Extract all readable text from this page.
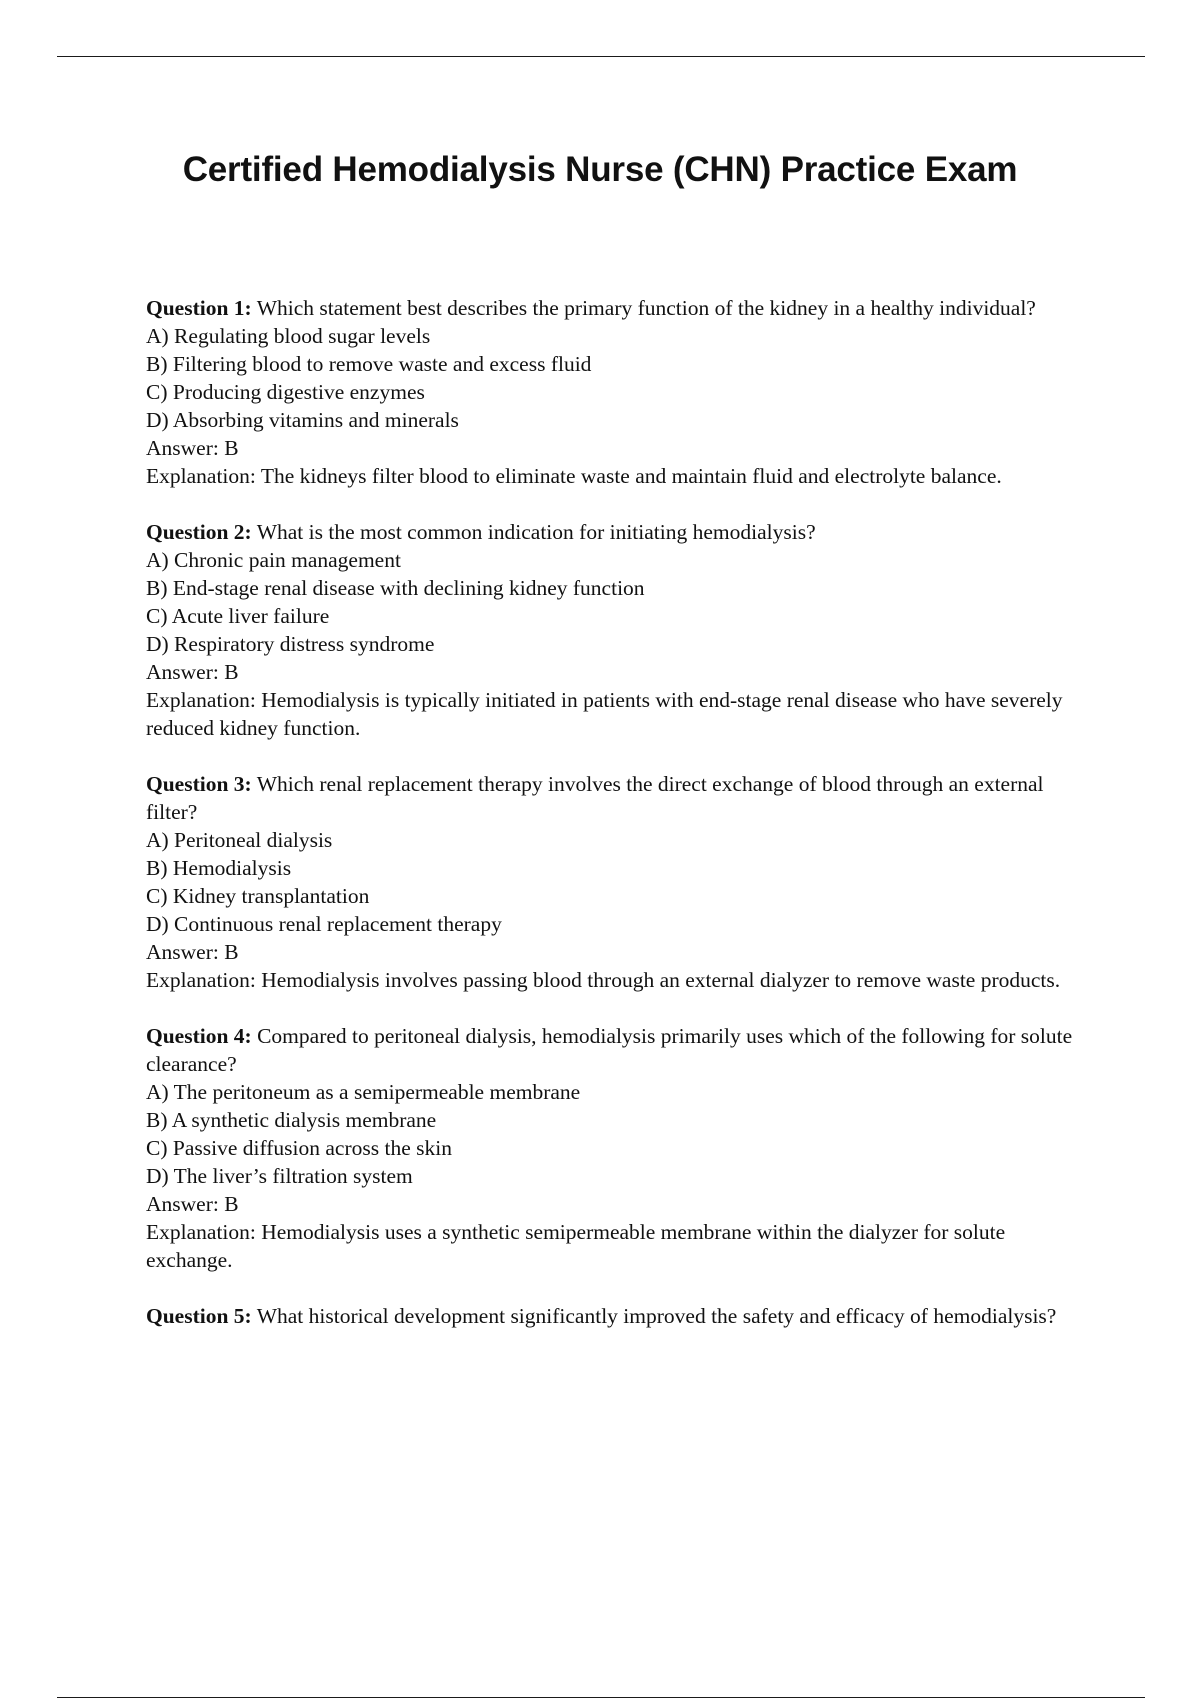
Certified Hemodialysis Nurse (CHN) Practice Exam

Question 1: Which statement best describes the primary function of the kidney in a healthy individual?

A) Regulating blood sugar levels

B) Filtering blood to remove waste and excess fluid

C) Producing digestive enzymes

D) Absorbing vitamins and minerals

Answer: B

Explanation: The kidneys filter blood to eliminate waste and maintain fluid and electrolyte balance.

Question 2: What is the most common indication for initiating hemodialysis?

A) Chronic pain management

B) End-stage renal disease with declining kidney function

C) Acute liver failure

D) Respiratory distress syndrome

Answer: B

Explanation: Hemodialysis is typically initiated in patients with end-stage renal disease who have severely reduced kidney function.

Question 3: Which renal replacement therapy involves the direct exchange of blood through an external filter?

A) Peritoneal dialysis

B) Hemodialysis

C) Kidney transplantation

D) Continuous renal replacement therapy

Answer: B

Explanation: Hemodialysis involves passing blood through an external dialyzer to remove waste products.

Question 4: Compared to peritoneal dialysis, hemodialysis primarily uses which of the following for solute clearance?

A) The peritoneum as a semipermeable membrane

B) A synthetic dialysis membrane

C) Passive diffusion across the skin

D) The liver’s filtration system

Answer: B

Explanation: Hemodialysis uses a synthetic semipermeable membrane within the dialyzer for solute exchange.

Question 5: What historical development significantly improved the safety and efficacy of hemodialysis?
